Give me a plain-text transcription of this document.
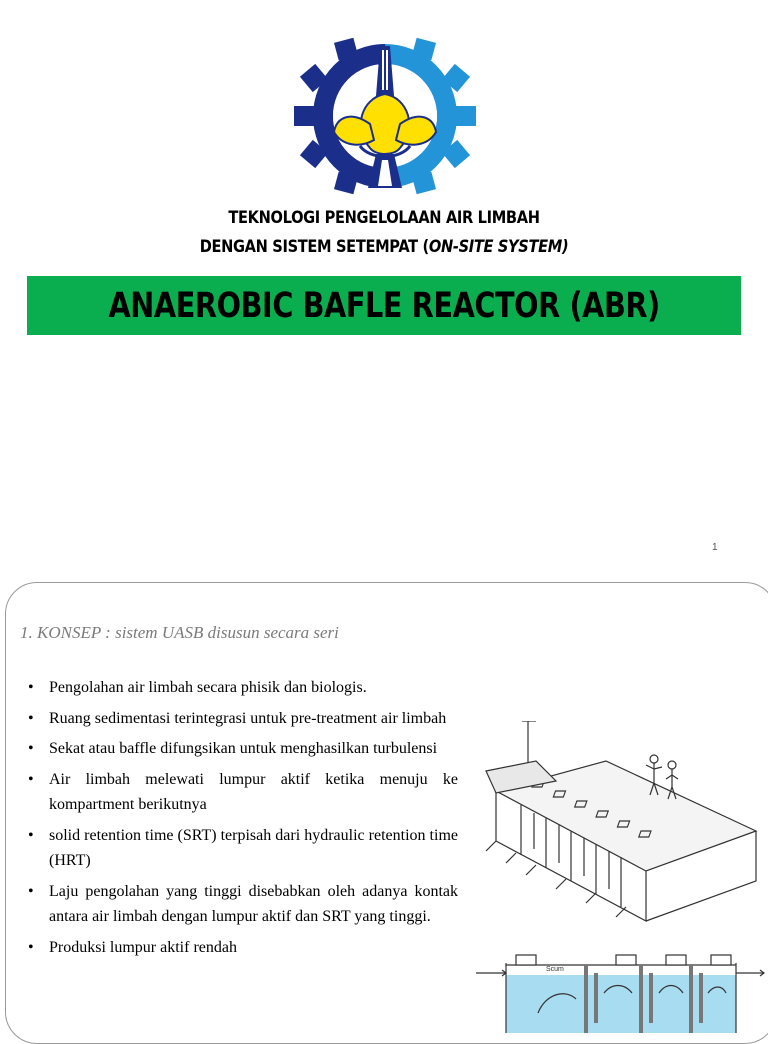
TEKNOLOGI PENGELOLAAN AIR LIMBAH
DENGAN SISTEM SETEMPAT (ON-SITE SYSTEM)
ANAEROBIC BAFLE REACTOR (ABR)
1
1. KONSEP : sistem UASB disusun secara seri
• Pengolahan air limbah secara phisik dan biologis.
• Ruang sedimentasi terintegrasi untuk pre-treatment air limbah
• Sekat atau baffle difungsikan untuk menghasilkan turbulensi
• Air limbah melewati lumpur aktif ketika menuju ke kompartment berikutnya
• solid retention time (SRT) terpisah dari hydraulic retention time (HRT)
• Laju pengolahan yang tinggi disebabkan oleh adanya kontak antara air limbah dengan lumpur aktif dan SRT yang tinggi.
• Produksi lumpur aktif rendah
Scum
